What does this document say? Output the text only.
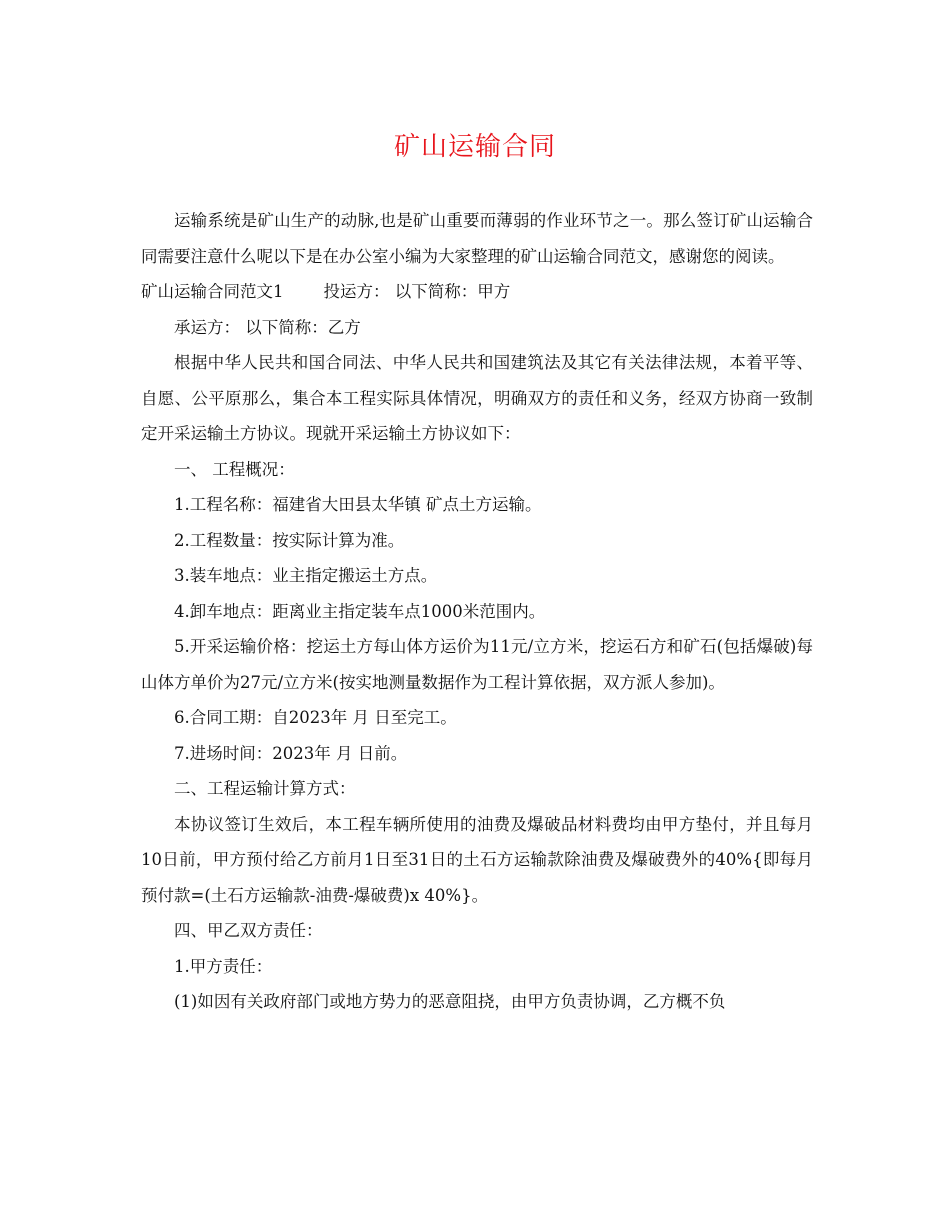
矿山运输合同

运输系统是矿山生产的动脉,也是矿山重要而薄弱的作业环节之一。那么签订矿山运输合同需要注意什么呢以下是在办公室小编为大家整理的矿山运输合同范文，感谢您的阅读。

矿山运输合同范文1 投运方： 以下简称：甲方

承运方： 以下简称：乙方

根据中华人民共和国合同法、中华人民共和国建筑法及其它有关法律法规，本着平等、自愿、公平原那么，集合本工程实际具体情况，明确双方的责任和义务，经双方协商一致制定开采运输土方协议。现就开采运输土方协议如下：

一、 工程概况：

1.工程名称：福建省大田县太华镇 矿点土方运输。

2.工程数量：按实际计算为准。

3.装车地点：业主指定搬运土方点。

4.卸车地点：距离业主指定装车点1000米范围内。

5.开采运输价格：挖运土方每山体方运价为11元/立方米，挖运石方和矿石(包括爆破)每山体方单价为27元/立方米(按实地测量数据作为工程计算依据，双方派人参加)。

6.合同工期：自2023年 月 日至完工。

7.进场时间：2023年 月 日前。

二、工程运输计算方式：

本协议签订生效后，本工程车辆所使用的油费及爆破品材料费均由甲方垫付，并且每月10日前，甲方预付给乙方前月1日至31日的土石方运输款除油费及爆破费外的40%{即每月预付款=(土石方运输款-油费-爆破费)x 40%}。

四、甲乙双方责任：

1.甲方责任：

(1)如因有关政府部门或地方势力的恶意阻挠，由甲方负责协调，乙方概不负
